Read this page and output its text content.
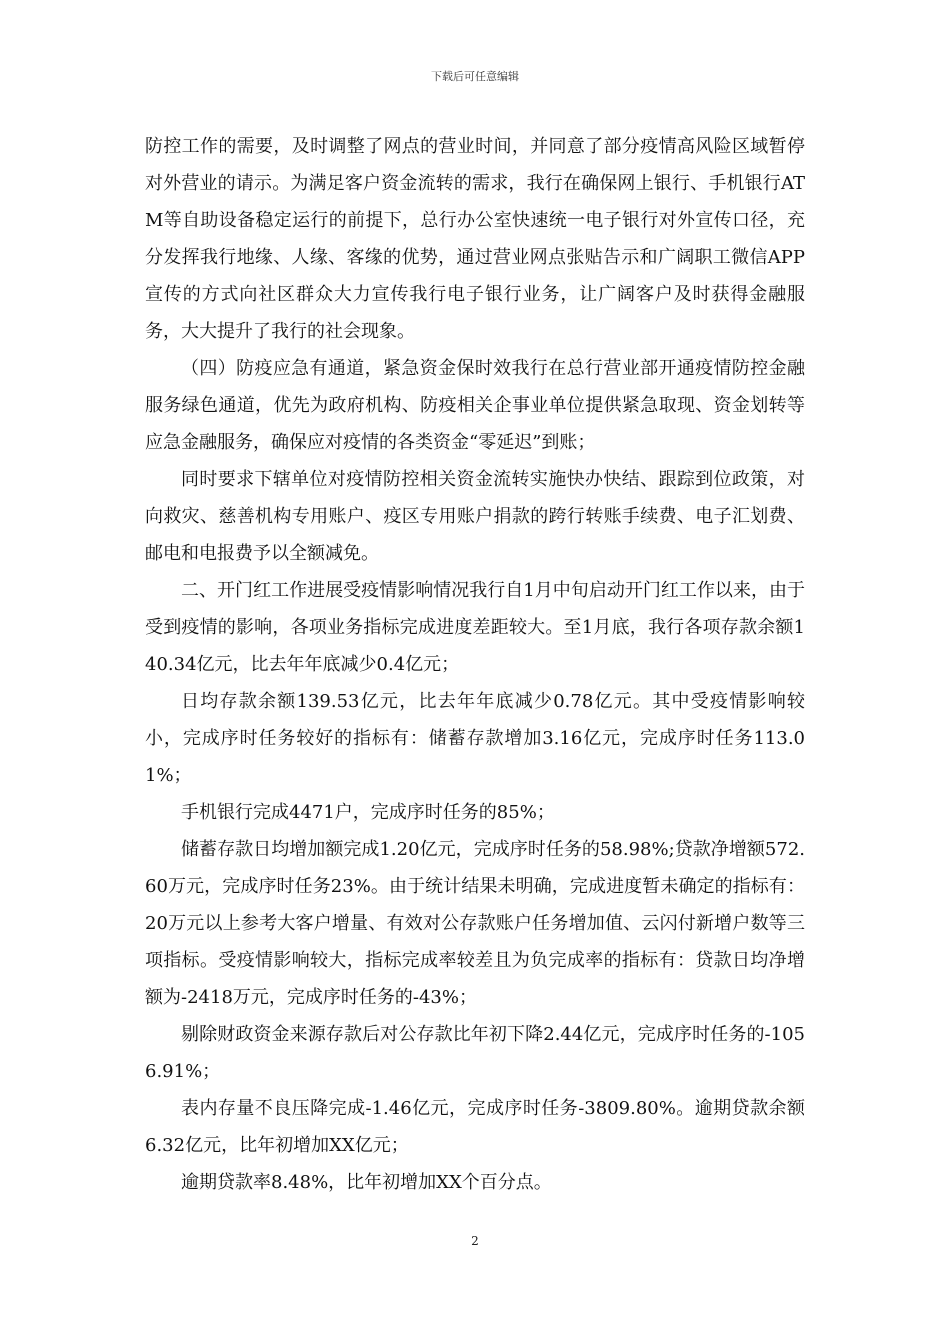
下载后可任意编辑

防控工作的需要，及时调整了网点的营业时间，并同意了部分疫情高风险区域暂停对外营业的请示。为满足客户资金流转的需求，我行在确保网上银行、手机银行ATM等自助设备稳定运行的前提下，总行办公室快速统一电子银行对外宣传口径，充分发挥我行地缘、人缘、客缘的优势，通过营业网点张贴告示和广阔职工微信APP宣传的方式向社区群众大力宣传我行电子银行业务，让广阔客户及时获得金融服务，大大提升了我行的社会现象。

（四）防疫应急有通道，紧急资金保时效我行在总行营业部开通疫情防控金融服务绿色通道，优先为政府机构、防疫相关企事业单位提供紧急取现、资金划转等应急金融服务，确保应对疫情的各类资金“零延迟”到账；

同时要求下辖单位对疫情防控相关资金流转实施快办快结、跟踪到位政策，对向救灾、慈善机构专用账户、疫区专用账户捐款的跨行转账手续费、电子汇划费、邮电和电报费予以全额减免。

二、开门红工作进展受疫情影响情况我行自1月中旬启动开门红工作以来，由于受到疫情的影响，各项业务指标完成进度差距较大。至1月底，我行各项存款余额140.34亿元，比去年年底减少0.4亿元；

日均存款余额139.53亿元，比去年年底减少0.78亿元。其中受疫情影响较小，完成序时任务较好的指标有：储蓄存款增加3.16亿元，完成序时任务113.01%；

手机银行完成4471户，完成序时任务的85%；

储蓄存款日均增加额完成1.20亿元，完成序时任务的58.98%;贷款净增额572.60万元，完成序时任务23%。由于统计结果未明确，完成进度暂未确定的指标有：20万元以上参考大客户增量、有效对公存款账户任务增加值、云闪付新增户数等三项指标。受疫情影响较大，指标完成率较差且为负完成率的指标有：贷款日均净增额为-2418万元，完成序时任务的-43%；

剔除财政资金来源存款后对公存款比年初下降2.44亿元，完成序时任务的-1056.91%；

表内存量不良压降完成-1.46亿元，完成序时任务-3809.80%。逾期贷款余额6.32亿元，比年初增加XX亿元；

逾期贷款率8.48%，比年初增加XX个百分点。

2
